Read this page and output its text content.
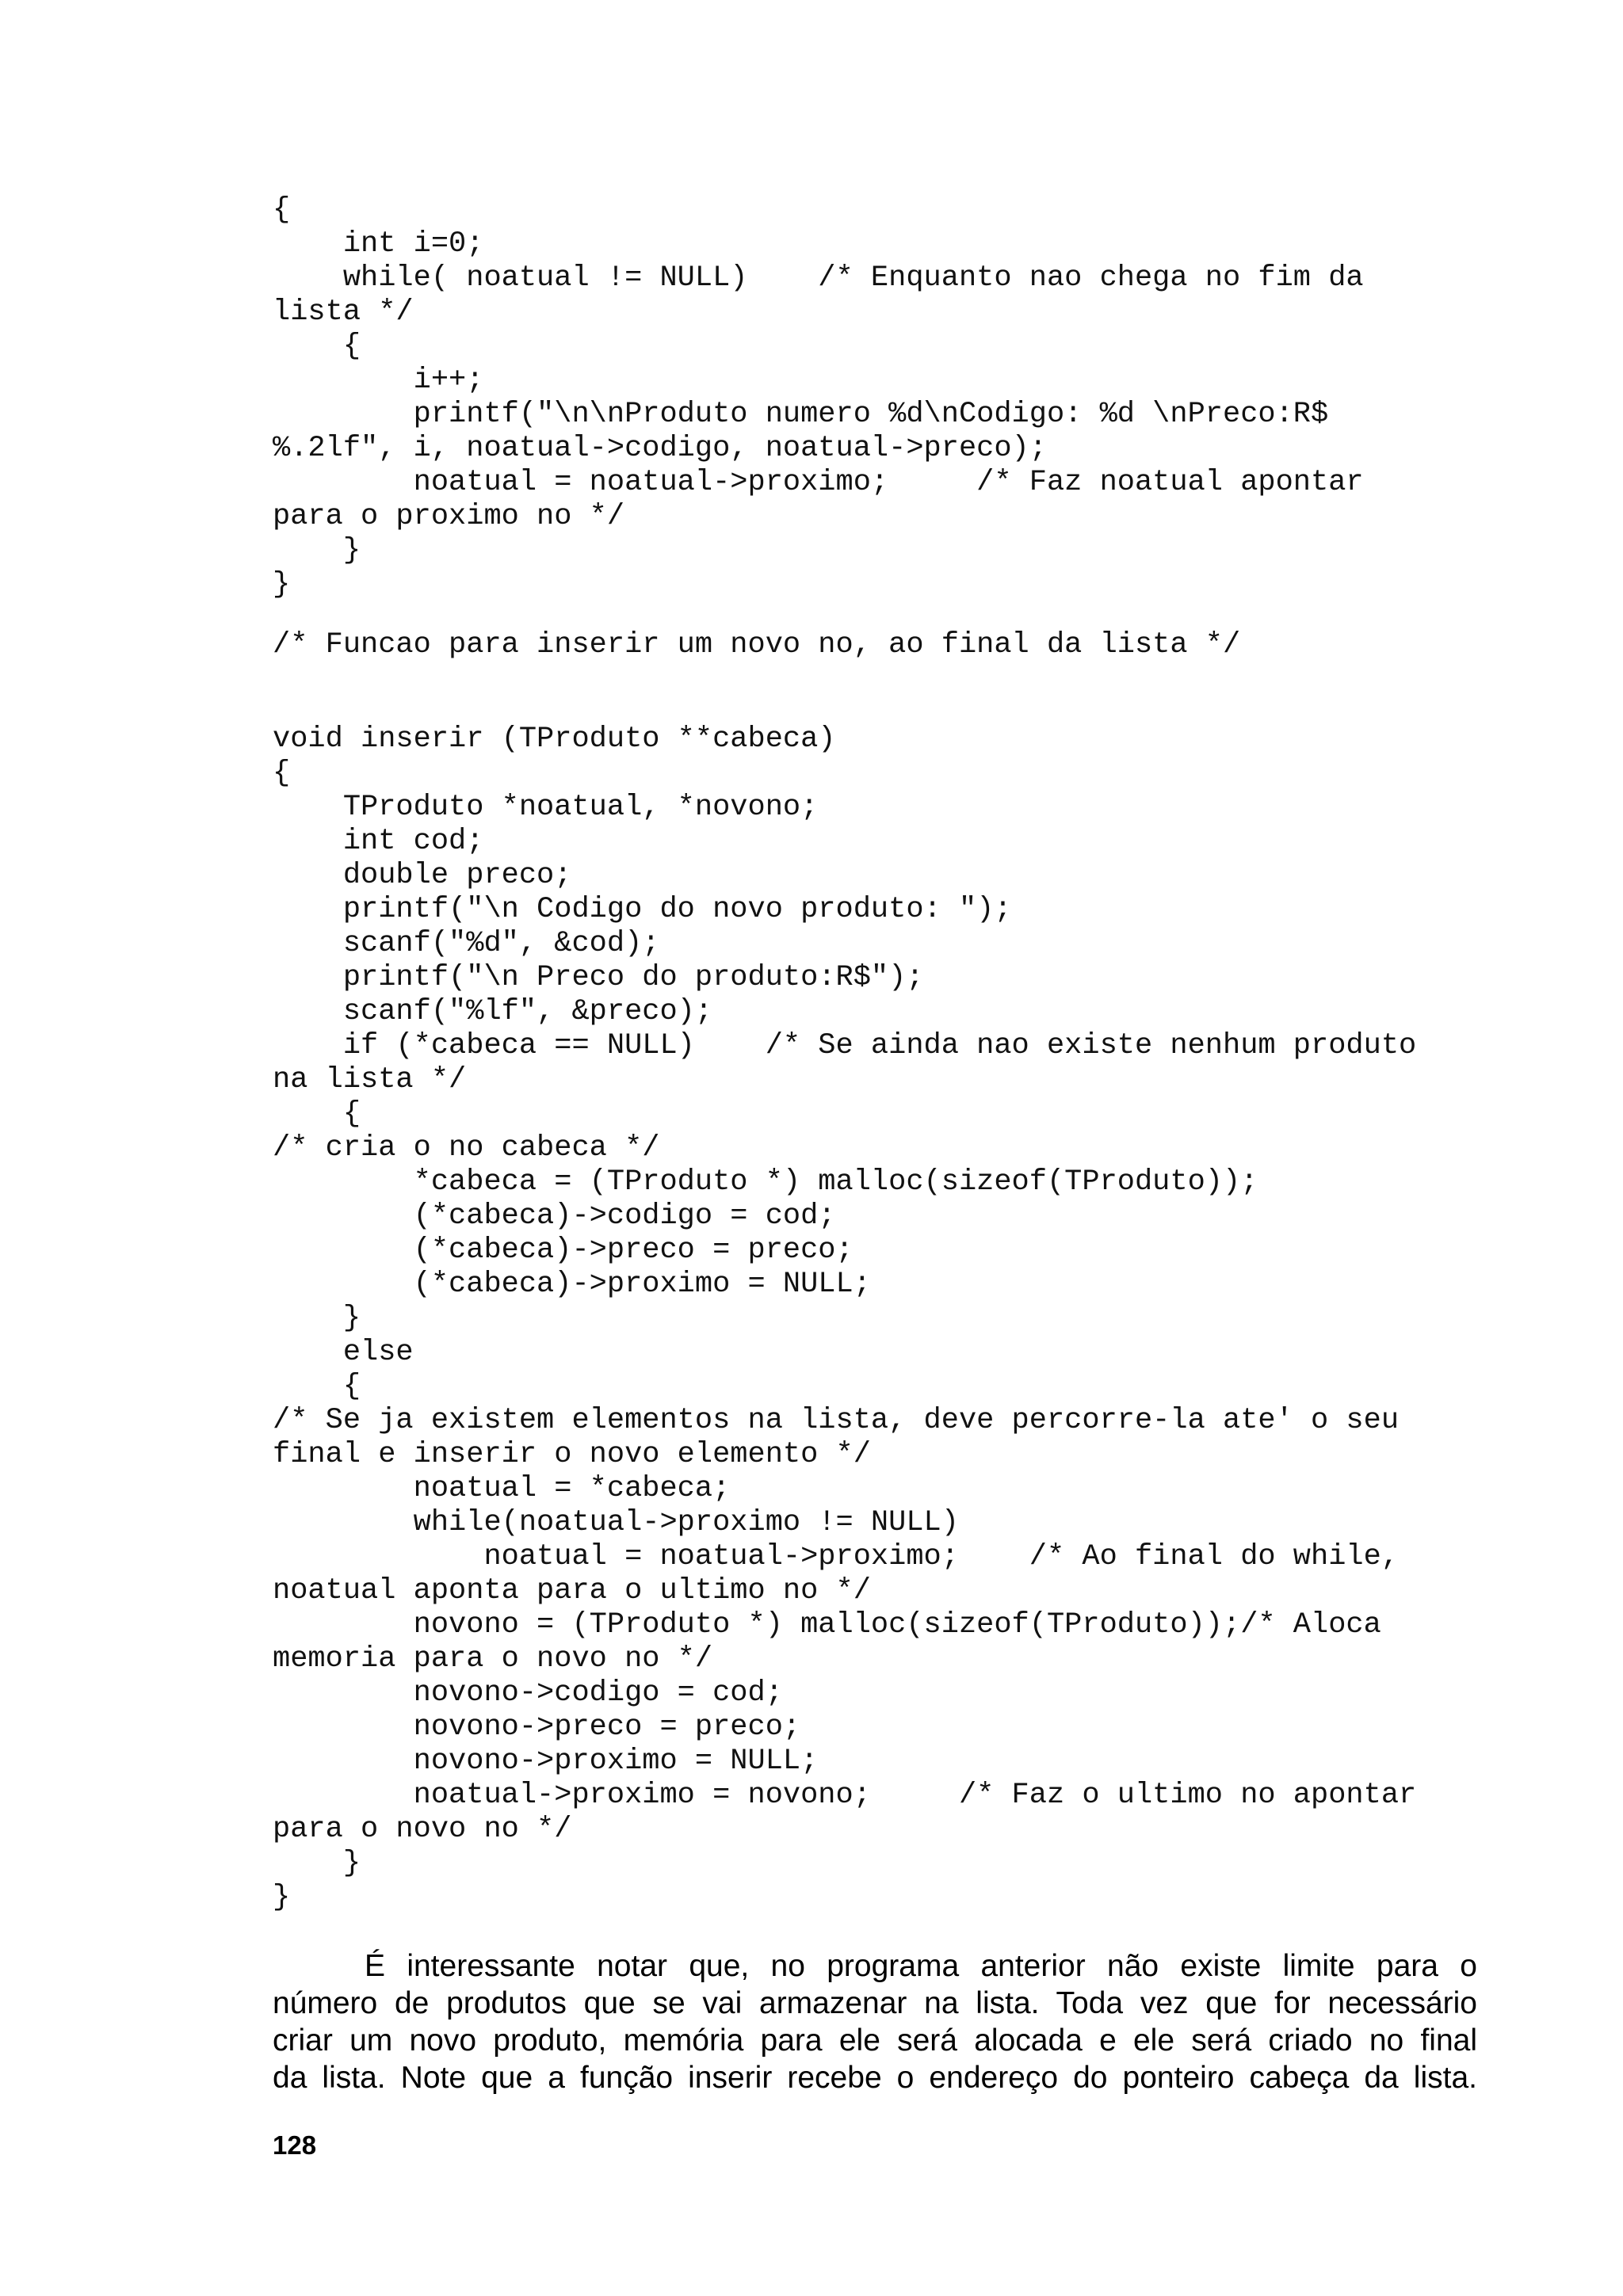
{
int i=0;
while( noatual != NULL)    /* Enquanto nao chega no fim da
lista */
{
i++;
printf("\n\nProduto numero %d\nCodigo: %d \nPreco:R$
%.2lf", i, noatual->codigo, noatual->preco);
noatual = noatual->proximo;     /* Faz noatual apontar
para o proximo no */
}
}
/* Funcao para inserir um novo no, ao final da lista */
void inserir (TProduto **cabeca)
{
TProduto *noatual, *novono;
int cod;
double preco;
printf("\n Codigo do novo produto: ");
scanf("%d", &cod);
printf("\n Preco do produto:R$");
scanf("%lf", &preco);
if (*cabeca == NULL)    /* Se ainda nao existe nenhum produto
na lista */
{
/* cria o no cabeca */
*cabeca = (TProduto *) malloc(sizeof(TProduto));
(*cabeca)->codigo = cod;
(*cabeca)->preco = preco;
(*cabeca)->proximo = NULL;
}
else
{
/* Se ja existem elementos na lista, deve percorre-la ate' o seu
final e inserir o novo elemento */
noatual = *cabeca;
while(noatual->proximo != NULL)
noatual = noatual->proximo;    /* Ao final do while,
noatual aponta para o ultimo no */
novono = (TProduto *) malloc(sizeof(TProduto));/* Aloca
memoria para o novo no */
novono->codigo = cod;
novono->preco = preco;
novono->proximo = NULL;
noatual->proximo = novono;     /* Faz o ultimo no apontar
para o novo no */
}
}
É interessante notar que, no programa anterior não existe limite para o
número de produtos que se vai armazenar na lista. Toda vez que for necessário
criar um novo produto, memória para ele será alocada e ele será criado no final
da lista. Note que a função inserir recebe o endereço do ponteiro cabeça da lista.
128
